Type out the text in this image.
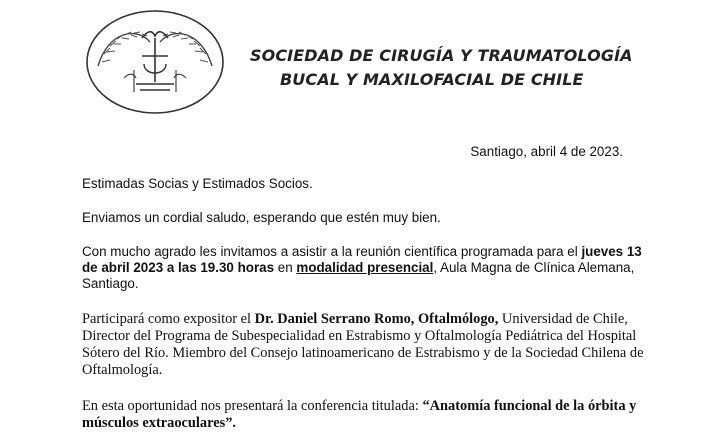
SOCIEDAD DE CIRUGÍA Y TRAUMATOLOGÍA
BUCAL Y MAXILOFACIAL DE CHILE
Santiago, abril 4 de 2023.

Estimadas Socias y Estimados Socios.

Enviamos un cordial saludo, esperando que estén muy bien.

Con mucho agrado les invitamos a asistir a la reunión científica programada para el jueves 13 de abril 2023 a las 19.30 horas en modalidad presencial, Aula Magna de Clínica Alemana, Santiago.

Participará como expositor el Dr. Daniel Serrano Romo, Oftalmólogo, Universidad de Chile, Director del Programa de Subespecialidad en Estrabismo y Oftalmología Pediátrica del Hospital Sótero del Río. Miembro del Consejo latinoamericano de Estrabismo y de la Sociedad Chilena de Oftalmología.

En esta oportunidad nos presentará la conferencia titulada: “Anatomía funcional de la órbita y músculos extraoculares”.
